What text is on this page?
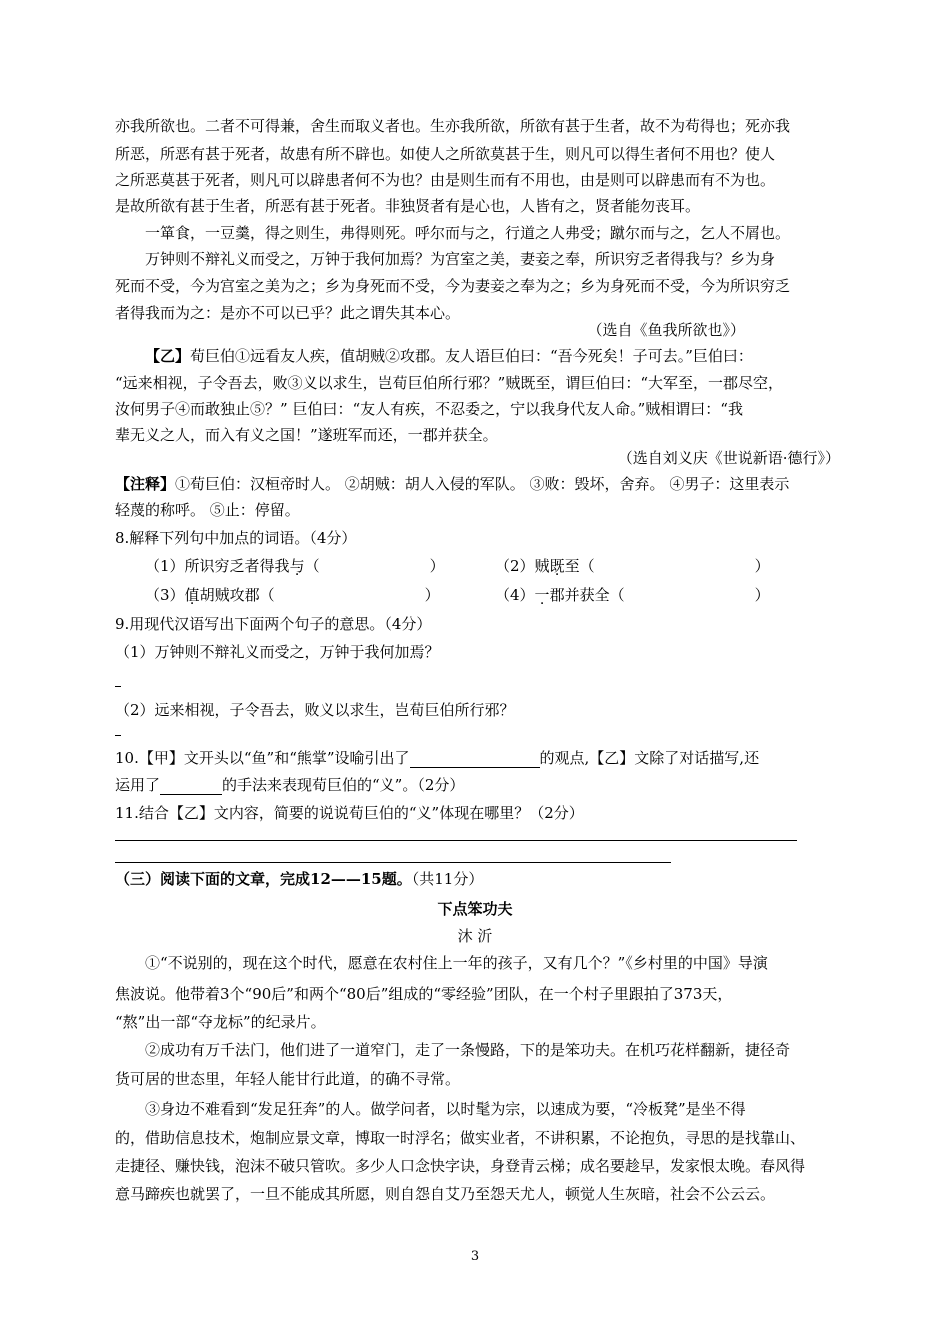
亦我所欲也。二者不可得兼，舍生而取义者也。生亦我所欲，所欲有甚于生者，故不为苟得也；死亦我
所恶，所恶有甚于死者，故患有所不辟也。如使人之所欲莫甚于生，则凡可以得生者何不用也？使人
之所恶莫甚于死者，则凡可以辟患者何不为也？由是则生而有不用也，由是则可以辟患而有不为也。
是故所欲有甚于生者，所恶有甚于死者。非独贤者有是心也，人皆有之，贤者能勿丧耳。
一箪食，一豆羹，得之则生，弗得则死。呼尔而与之，行道之人弗受；蹴尔而与之，乞人不屑也。
万钟则不辩礼义而受之，万钟于我何加焉？为宫室之美，妻妾之奉，所识穷乏者得我与？乡为身
死而不受，今为宫室之美为之；乡为身死而不受，今为妻妾之奉为之；乡为身死而不受，今为所识穷乏
者得我而为之：是亦不可以已乎？此之谓失其本心。
（选自《鱼我所欲也》）
【乙】荀巨伯①远看友人疾，值胡贼②攻郡。友人语巨伯曰：“吾今死矣！子可去。”巨伯曰：
“远来相视，子令吾去，败③义以求生，岂荀巨伯所行邪？”贼既至，谓巨伯曰：“大军至，一郡尽空，
汝何男子④而敢独止⑤？” 巨伯曰：“友人有疾，不忍委之，宁以我身代友人命。”贼相谓曰：“我
辈无义之人，而入有义之国！”遂班军而还，一郡并获全。
（选自刘义庆《世说新语·德行》）
【注释】①荀巨伯：汉桓帝时人。 ②胡贼：胡人入侵的军队。 ③败：毁坏，舍弃。 ④男子：这里表示
轻蔑的称呼。 ⑤止：停留。
8.解释下列句中加点的词语。（4分）
（1）所识穷乏者得我与（	）	（2）贼既至（	）
（3）值胡贼攻郡（	）	（4）一郡并获全（	）
9.用现代汉语写出下面两个句子的意思。（4分）
（1）万钟则不辩礼义而受之，万钟于我何加焉？
（2）远来相视，子令吾去，败义以求生，岂荀巨伯所行邪？
10.【甲】文开头以“鱼”和“熊掌”设喻引出了	的观点,【乙】文除了对话描写,还
运用了	的手法来表现荀巨伯的“义”。（2分）
11.结合【乙】文内容，简要的说说荀巨伯的“义”体现在哪里？（2分）
（三）阅读下面的文章，完成12——15题。（共11分）
下点笨功夫
沐 沂
①“不说别的，现在这个时代，愿意在农村住上一年的孩子，又有几个？”《乡村里的中国》导演
焦波说。他带着3个“90后”和两个“80后”组成的“零经验”团队，在一个村子里跟拍了373天，
“熬”出一部“夺龙标”的纪录片。
②成功有万千法门，他们进了一道窄门，走了一条慢路，下的是笨功夫。在机巧花样翻新，捷径奇
货可居的世态里，年轻人能甘行此道，的确不寻常。
③身边不难看到“发足狂奔”的人。做学问者，以时髦为宗，以速成为要，“冷板凳”是坐不得
的，借助信息技术，炮制应景文章，博取一时浮名；做实业者，不讲积累，不论抱负，寻思的是找靠山、
走捷径、赚快钱，泡沫不破只管吹。多少人口念快字诀，身登青云梯；成名要趁早，发家恨太晚。春风得
意马蹄疾也就罢了，一旦不能成其所愿，则自怨自艾乃至怨天尤人，顿觉人生灰暗，社会不公云云。
3
